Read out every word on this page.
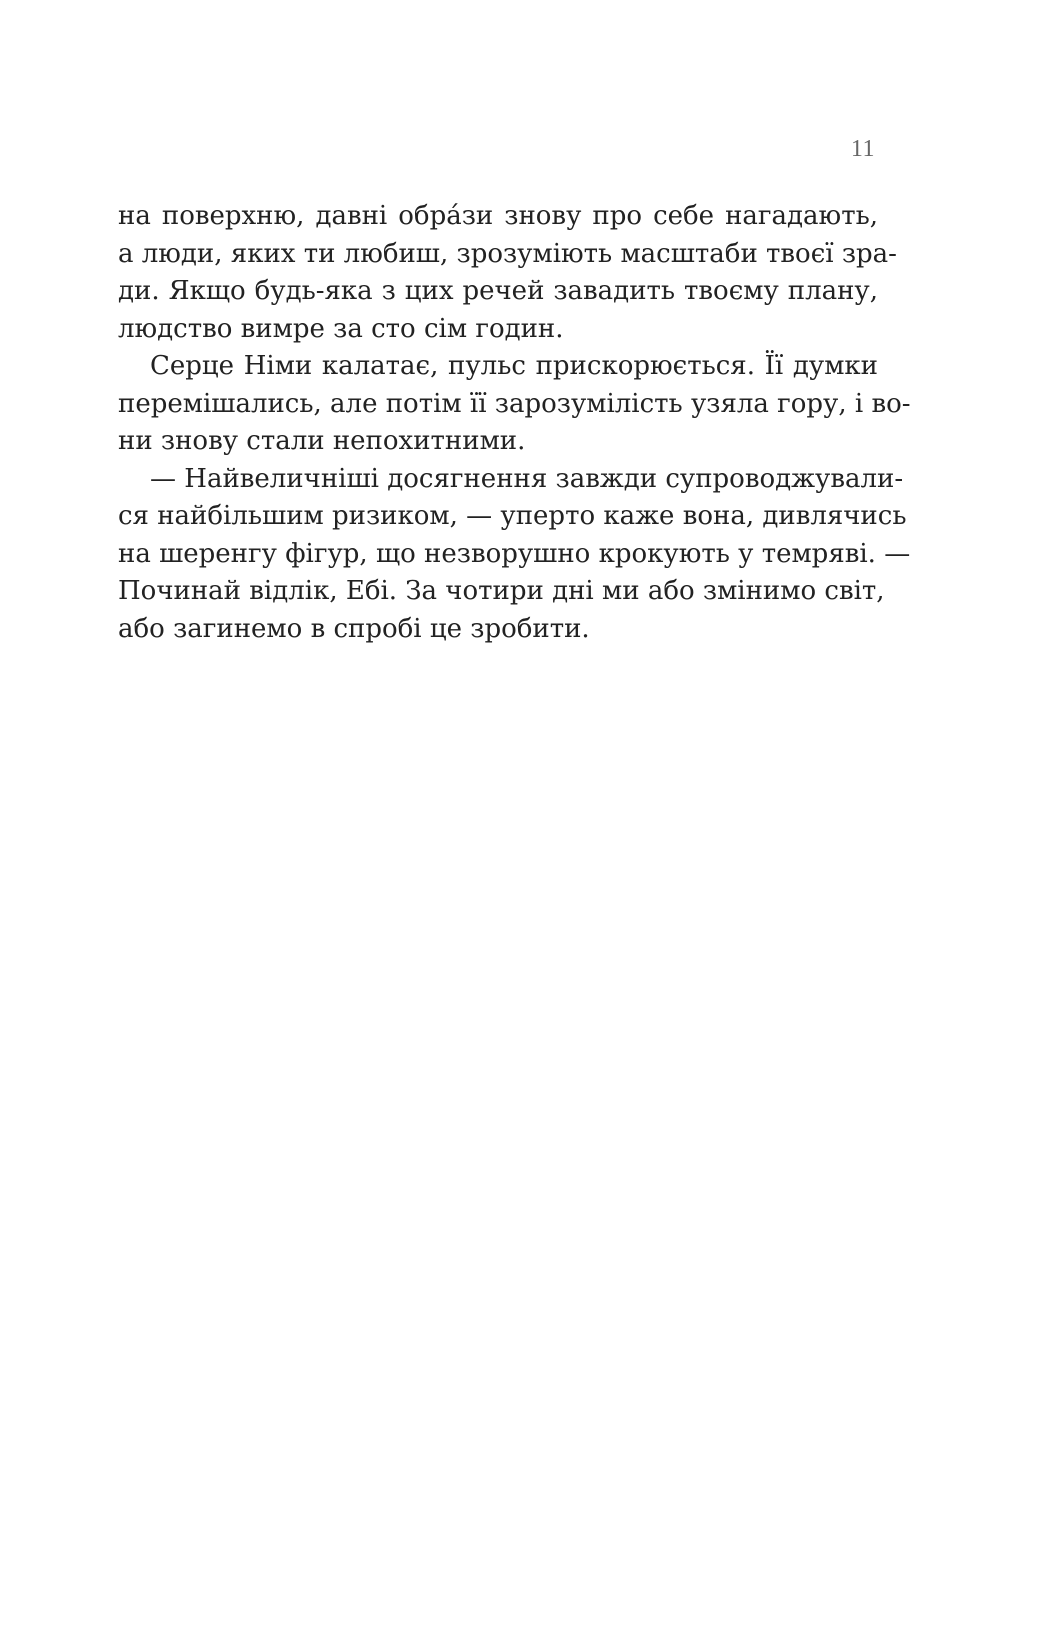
11
на поверхню, давні обра́зи знову про себе нагадають,
а люди, яких ти любиш, зрозуміють масштаби твоєї зра-
ди. Якщо будь-яка з цих речей завадить твоєму плану,
людство вимре за сто сім годин.
Серце Німи калатає, пульс прискорюється. Її думки
перемішались, але потім її зарозумілість узяла гору, і во-
ни знову стали непохитними.
— Найвеличніші досягнення завжди супроводжували-
ся найбільшим ризиком, — уперто каже вона, дивлячись
на шеренгу фігур, що незворушно крокують у темряві. —
Починай відлік, Ебі. За чотири дні ми або змінимо світ,
або загинемо в спробі це зробити.
